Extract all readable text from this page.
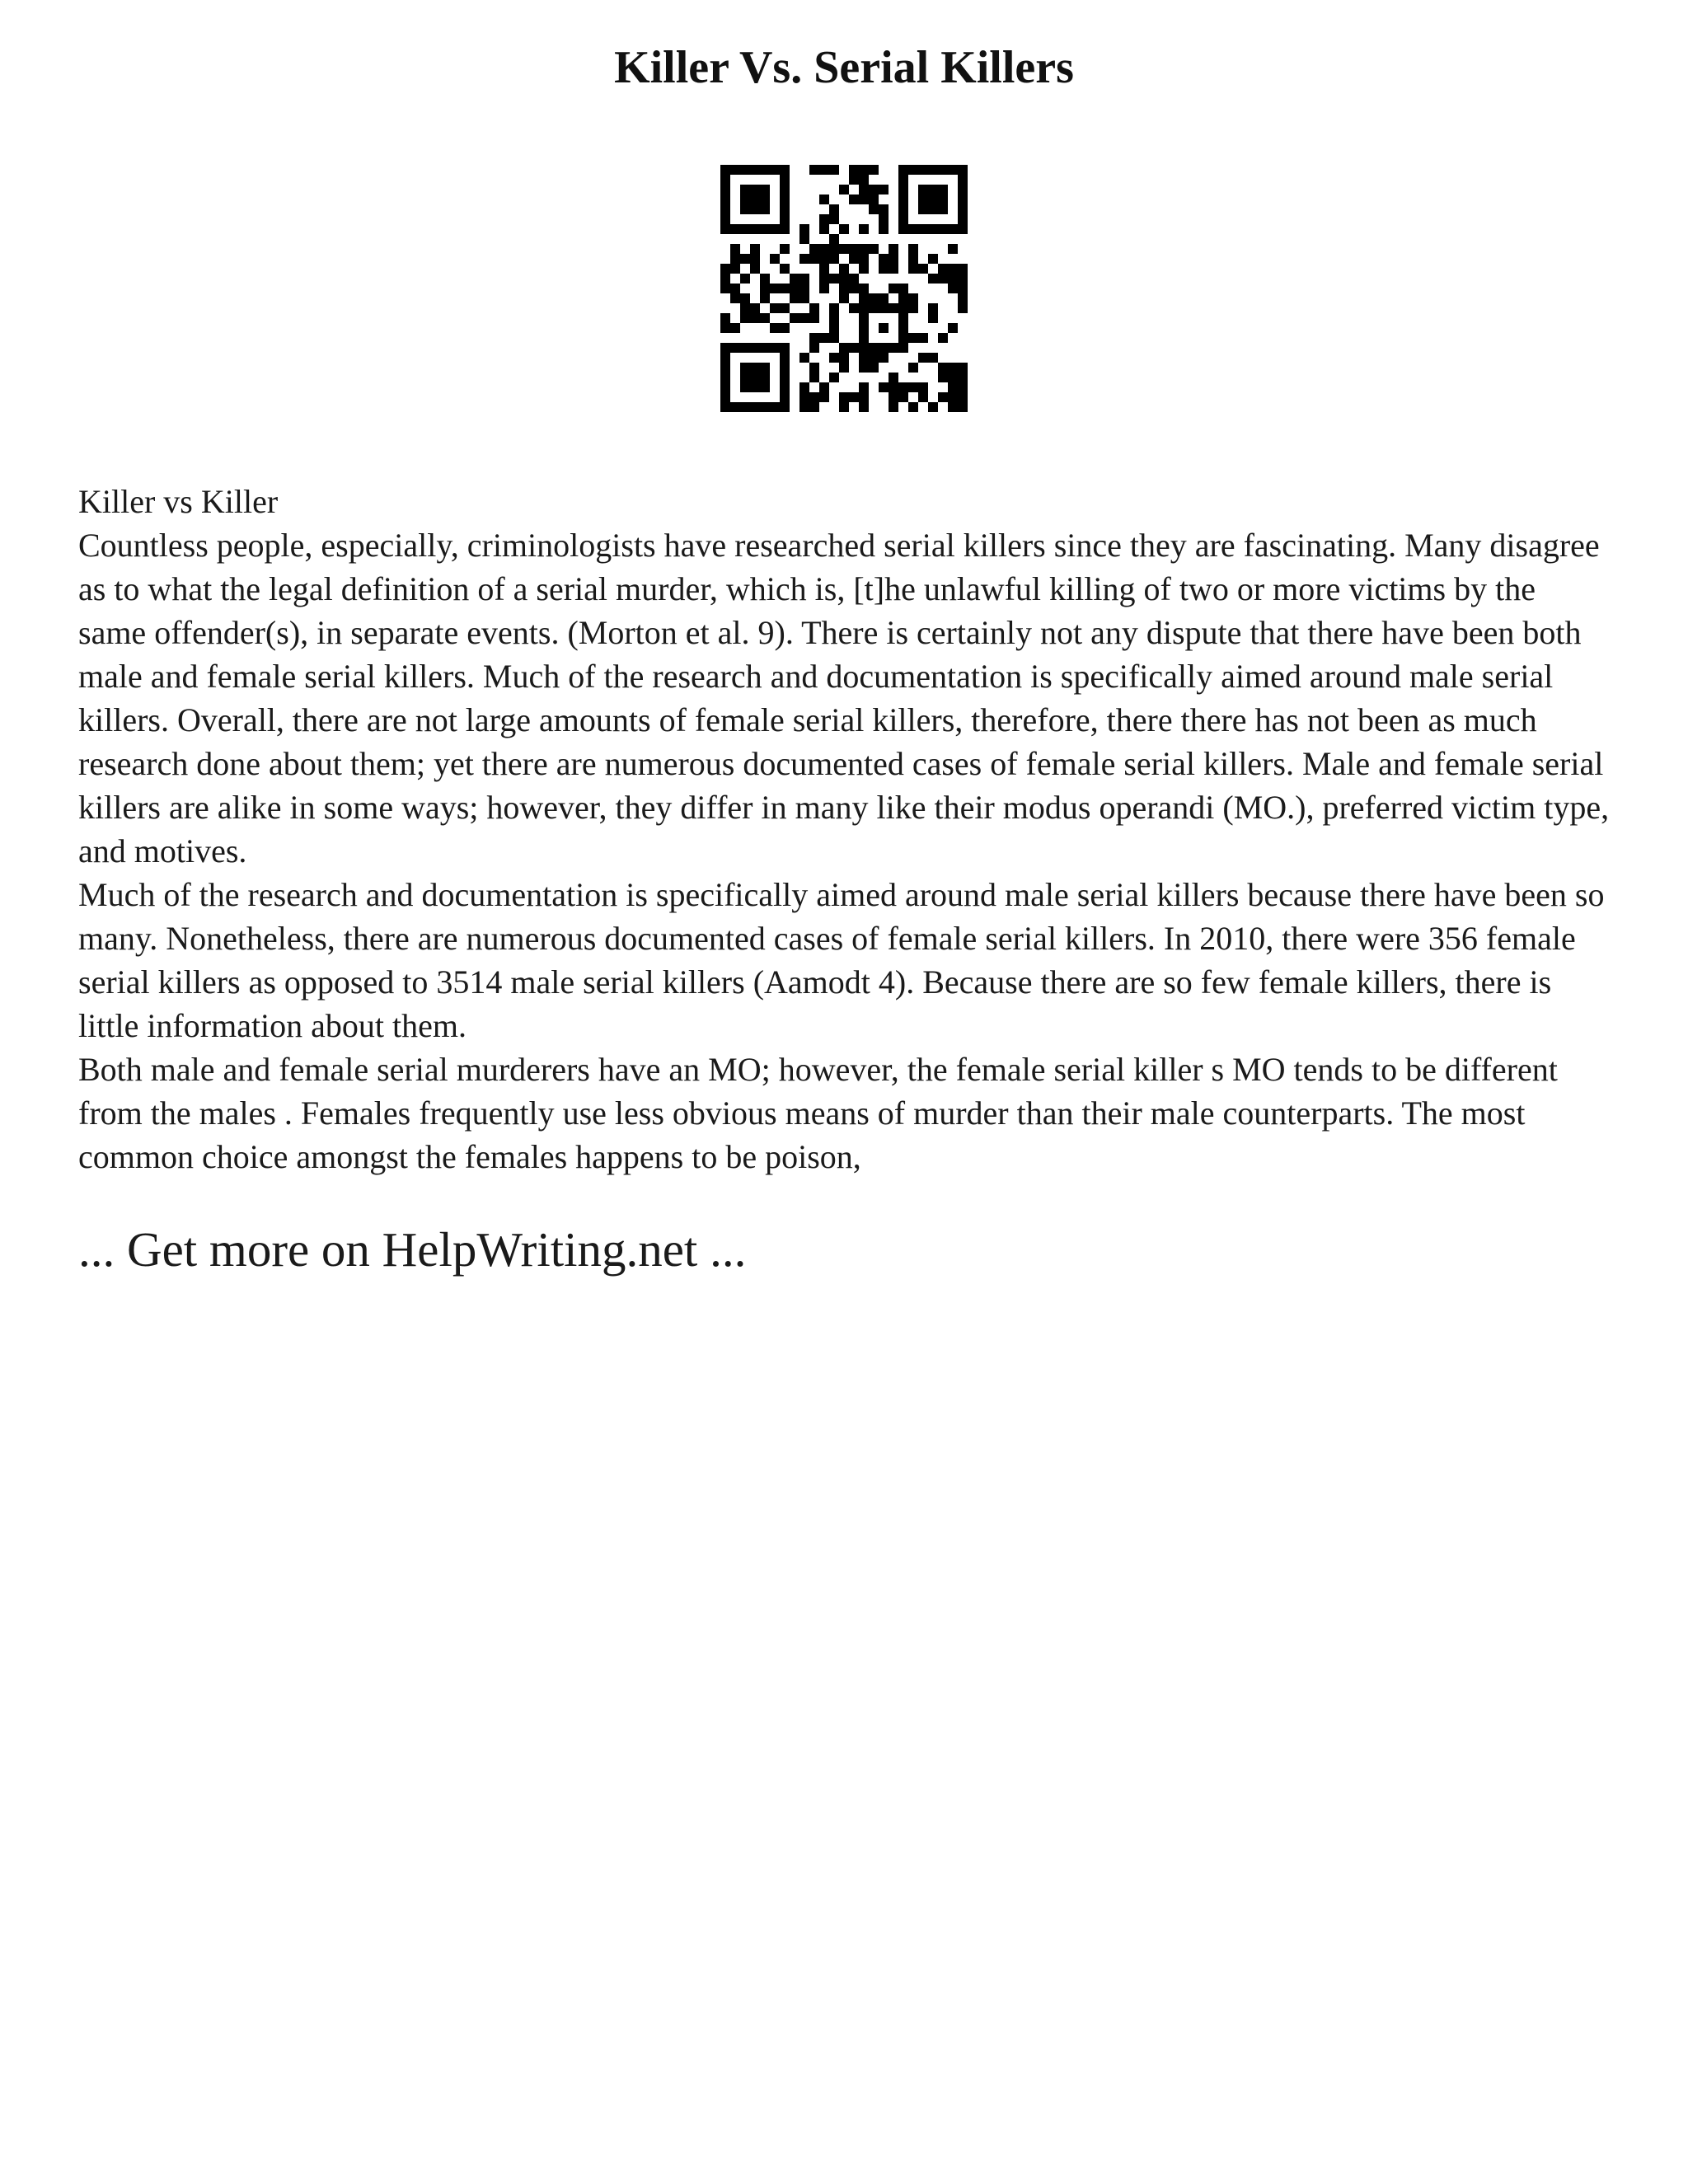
Killer Vs. Serial Killers

Killer vs Killer

Countless people, especially, criminologists have researched serial killers since they are fascinating. Many disagree as to what the legal definition of a serial murder, which is, [t]he unlawful killing of two or more victims by the same offender(s), in separate events. (Morton et al. 9). There is certainly not any dispute that there have been both male and female serial killers. Much of the research and documentation is specifically aimed around male serial killers. Overall, there are not large amounts of female serial killers, therefore, there there has not been as much research done about them; yet there are numerous documented cases of female serial killers. Male and female serial killers are alike in some ways; however, they differ in many like their modus operandi (MO.), preferred victim type, and motives.

Much of the research and documentation is specifically aimed around male serial killers because there have been so many. Nonetheless, there are numerous documented cases of female serial killers. In 2010, there were 356 female serial killers as opposed to 3514 male serial killers (Aamodt 4). Because there are so few female killers, there is little information about them.

Both male and female serial murderers have an MO; however, the female serial killer s MO tends to be different from the males . Females frequently use less obvious means of murder than their male counterparts. The most common choice amongst the females happens to be poison,

... Get more on HelpWriting.net ...
